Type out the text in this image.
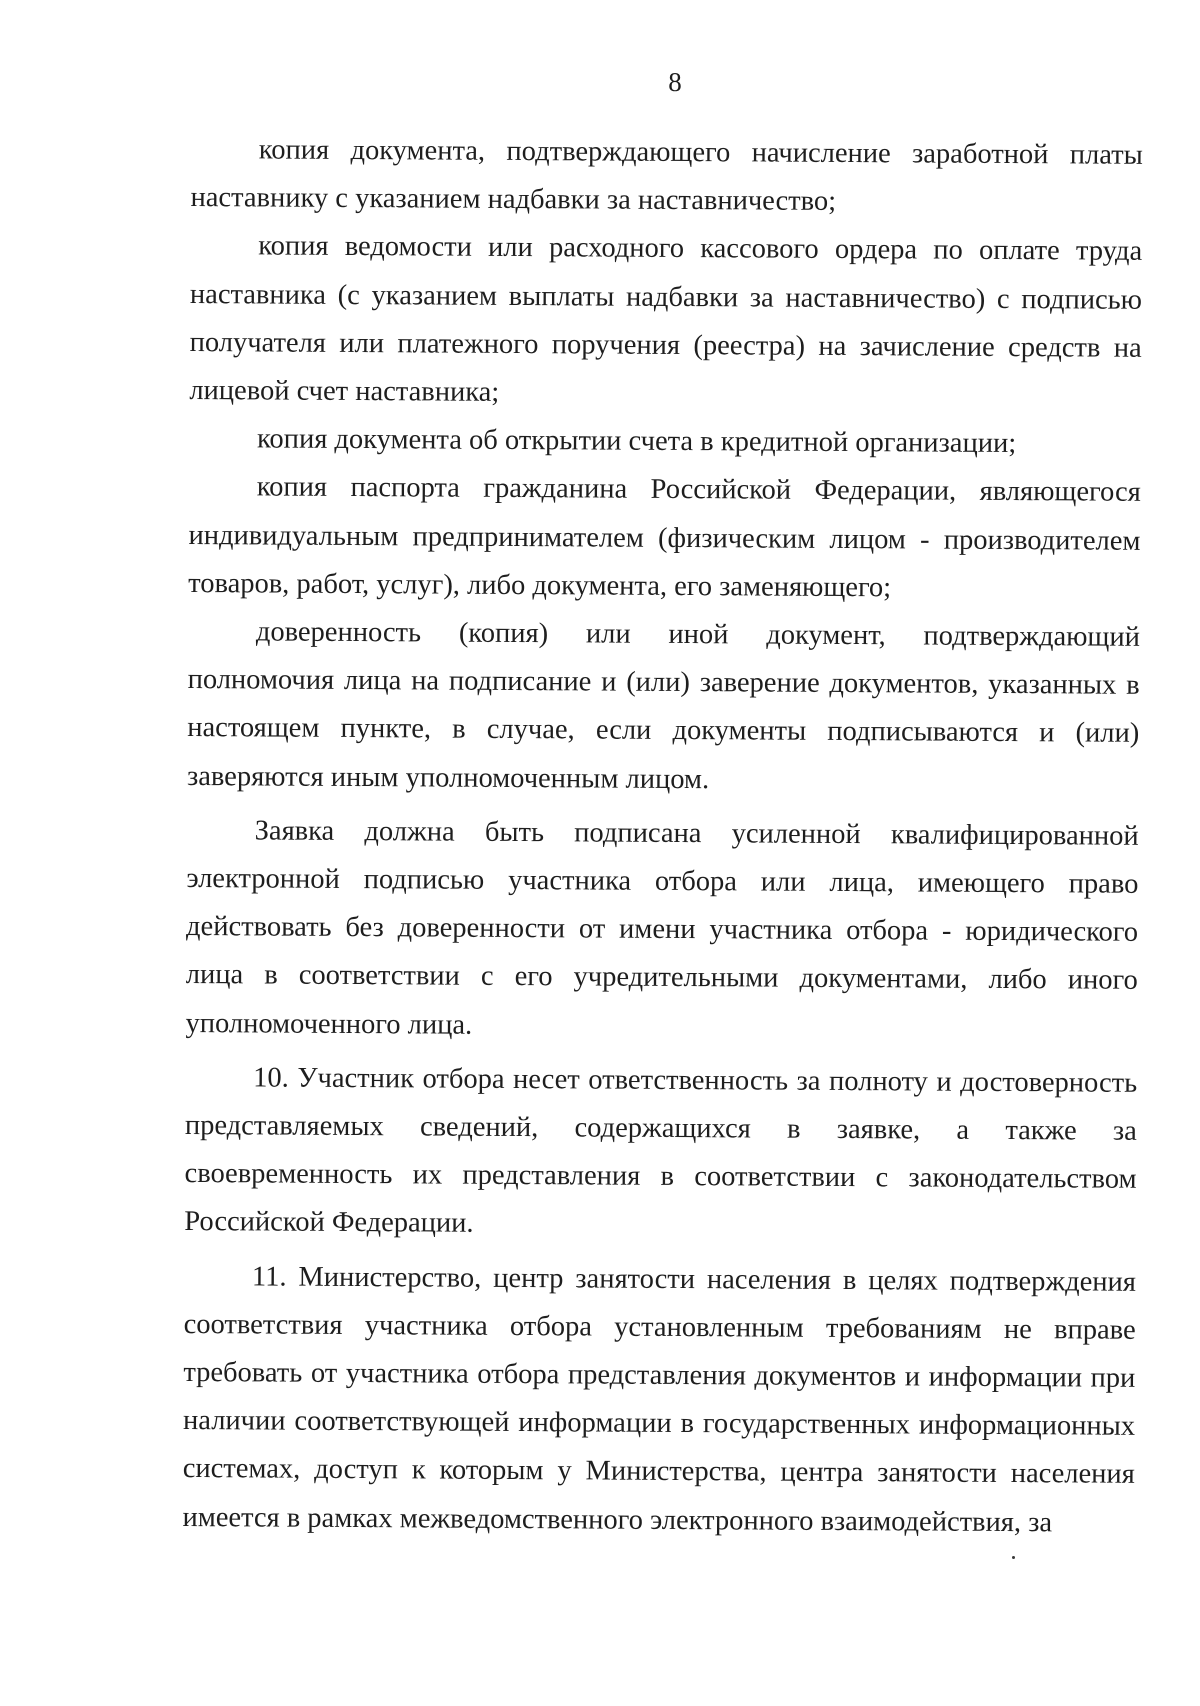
8

копия документа, подтверждающего начисление заработной платы наставнику с указанием надбавки за наставничество;

копия ведомости или расходного кассового ордера по оплате труда наставника (с указанием выплаты надбавки за наставничество) с подписью получателя или платежного поручения (реестра) на зачисление средств на лицевой счет наставника;

копия документа об открытии счета в кредитной организации;

копия паспорта гражданина Российской Федерации, являющегося индивидуальным предпринимателем (физическим лицом - производителем товаров, работ, услуг), либо документа, его заменяющего;

доверенность (копия) или иной документ, подтверждающий полномочия лица на подписание и (или) заверение документов, указанных в настоящем пункте, в случае, если документы подписываются и (или) заверяются иным уполномоченным лицом.

Заявка должна быть подписана усиленной квалифицированной электронной подписью участника отбора или лица, имеющего право действовать без доверенности от имени участника отбора - юридического лица в соответствии с его учредительными документами, либо иного уполномоченного лица.

10. Участник отбора несет ответственность за полноту и достоверность представляемых сведений, содержащихся в заявке, а также за своевременность их представления в соответствии с законодательством Российской Федерации.

11. Министерство, центр занятости населения в целях подтверждения соответствия участника отбора установленным требованиям не вправе требовать от участника отбора представления документов и информации при наличии соответствующей информации в государственных информационных системах, доступ к которым у Министерства, центра занятости населения имеется в рамках межведомственного электронного взаимодействия, за
